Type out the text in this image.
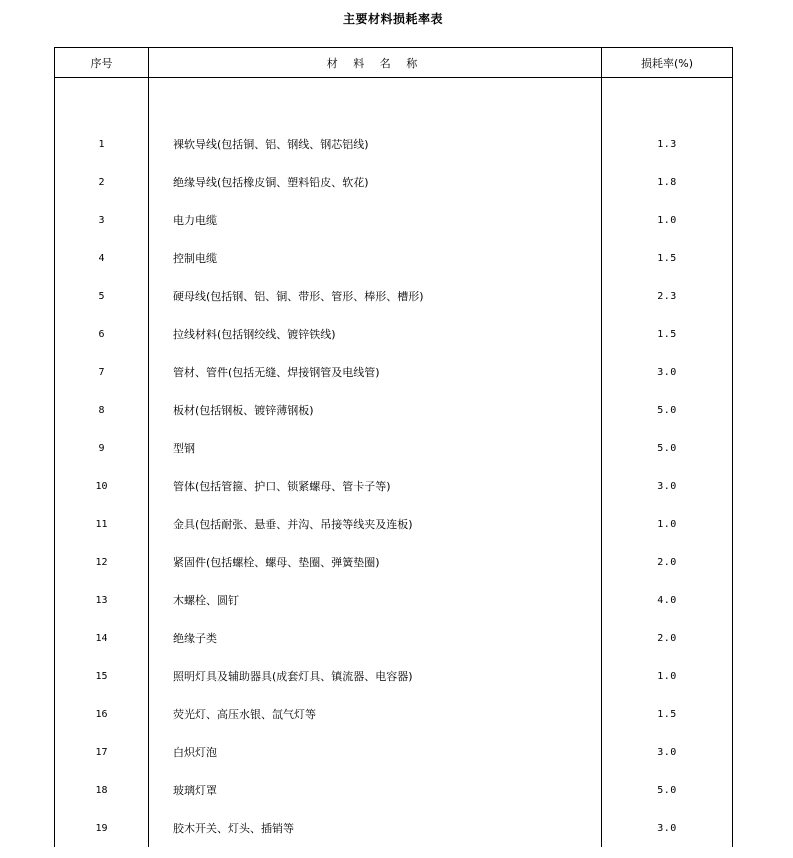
主要材料损耗率表
序号	材 料 名 称	损耗率(%)

1	裸软导线(包括铜、铝、钢线、钢芯铝线)	1.3
2	绝缘导线(包括橡皮铜、塑料铅皮、软花)	1.8
3	电力电缆	1.0
4	控制电缆	1.5
5	硬母线(包括钢、铝、铜、带形、管形、棒形、槽形)	2.3
6	拉线材料(包括钢绞线、镀锌铁线)	1.5
7	管材、管件(包括无缝、焊接钢管及电线管)	3.0
8	板材(包括钢板、镀锌薄钢板)	5.0
9	型钢	5.0
10	管体(包括管箍、护口、锁紧螺母、管卡子等)	3.0
11	金具(包括耐张、悬垂、并沟、吊接等线夹及连板)	1.0
12	紧固件(包括螺栓、螺母、垫圈、弹簧垫圈)	2.0
13	木螺栓、圆钉	4.0
14	绝缘子类	2.0
15	照明灯具及辅助器具(成套灯具、镇流器、电容器)	1.0
16	荧光灯、高压水银、氙气灯等	1.5
17	白炽灯泡	3.0
18	玻璃灯罩	5.0
19	胶木开关、灯头、插销等	3.0
